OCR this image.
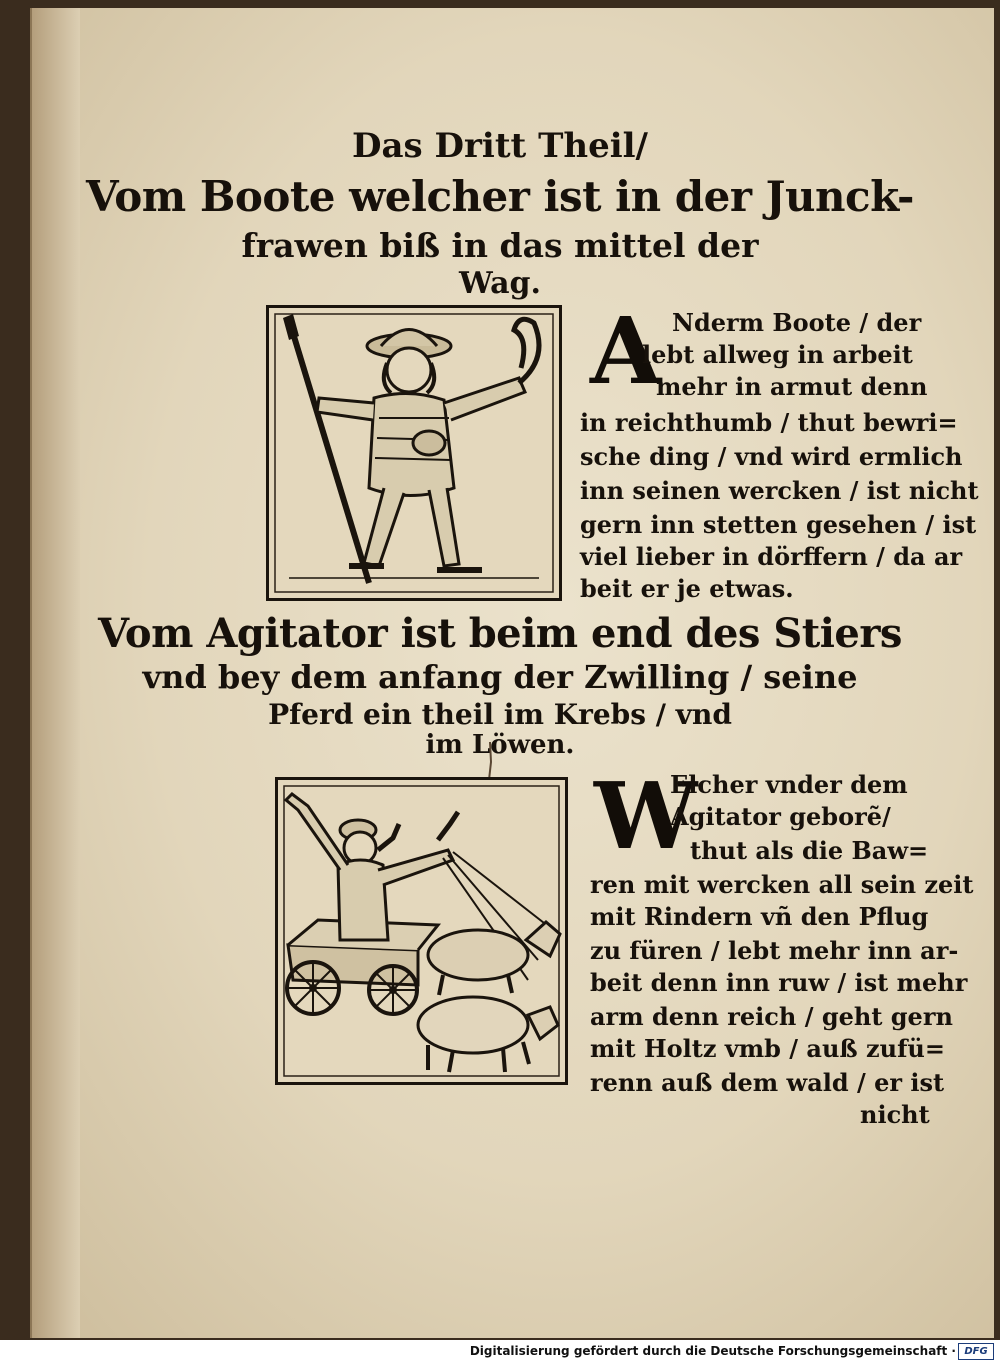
Das Dritt Theil/
Vom Boote welcher ist in der Junck-
frawen biß in das mittel der
Wag.
A Nderm Boote / der
lebt allweg in arbeit
mehr in armut denn
in reichthumb / thut bewri=
sche ding / vnd wird ermlich
inn seinen wercken / ist nicht
gern inn stetten gesehen / ist
viel lieber in dörffern / da ar
beit er je etwas.
Vom Agitator ist beim end des Stiers
vnd bey dem anfang der Zwilling / seine
Pferd ein theil im Krebs / vnd
im Löwen.
W
Elcher vnder dem
Agitator geborẽ/
thut als die Baw=
ren mit wercken all sein zeit
mit Rindern vñ den Pflug
zu füren / lebt mehr inn ar-
beit denn inn ruw / ist mehr
arm denn reich / geht gern
mit Holtz vmb / auß zufü=
renn auß dem wald / er ist
nicht
Digitalisierung gefördert durch die Deutsche Forschungsgemeinschaft · DFG
